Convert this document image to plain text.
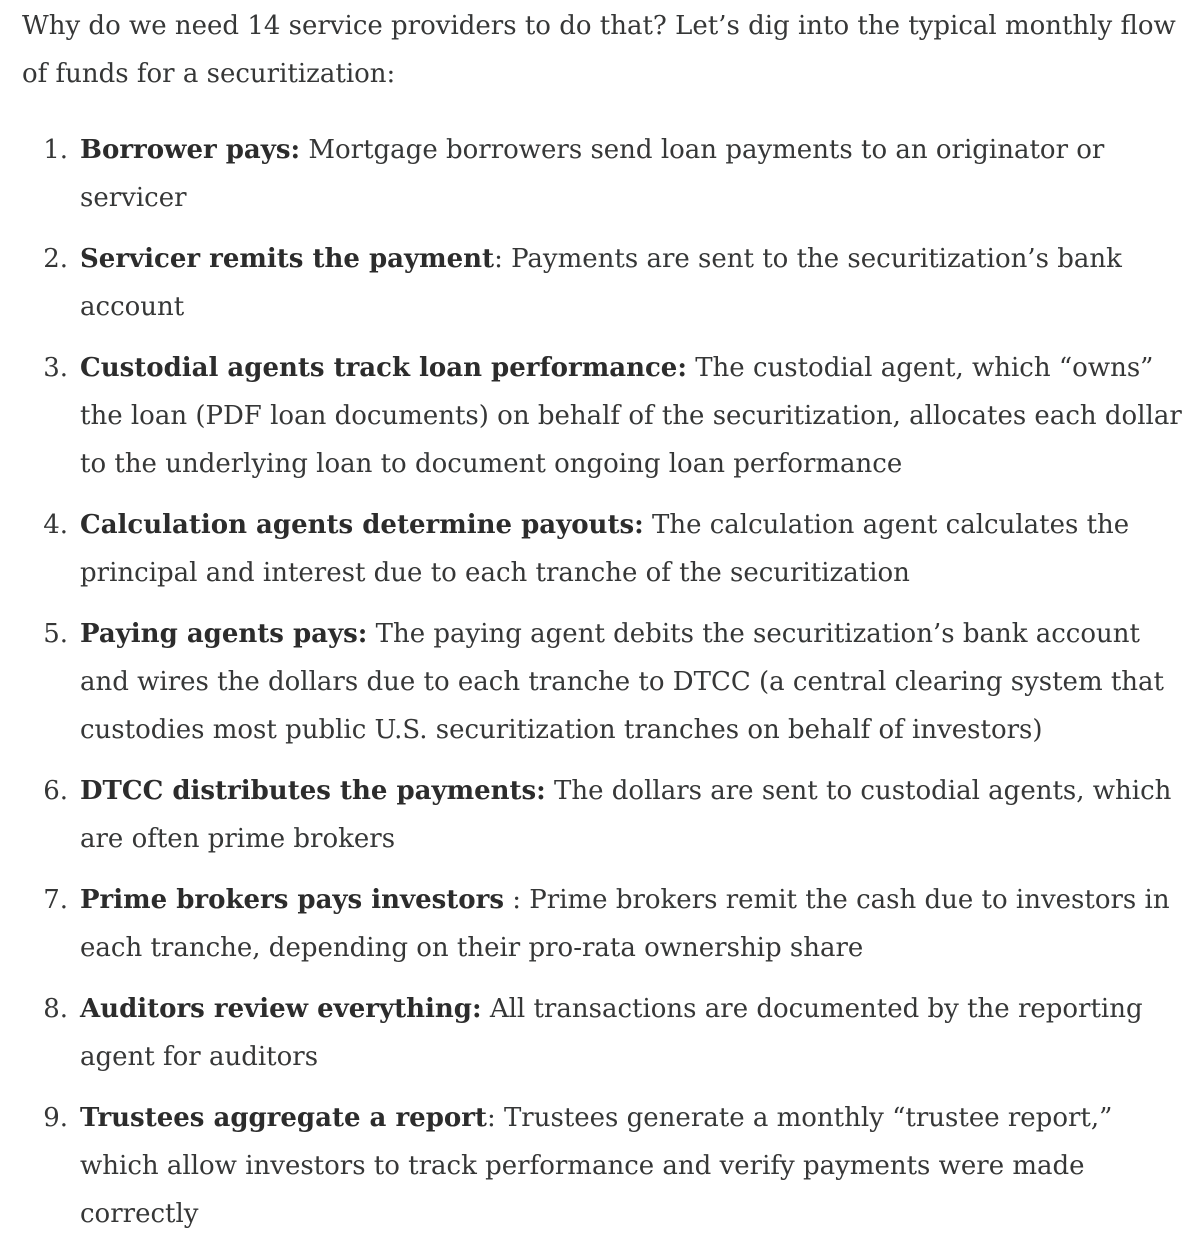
Why do we need 14 service providers to do that? Let’s dig into the typical monthly flow of funds for a securitization:

1. Borrower pays: Mortgage borrowers send loan payments to an originator or servicer
2. Servicer remits the payment: Payments are sent to the securitization’s bank account
3. Custodial agents track loan performance: The custodial agent, which “owns” the loan (PDF loan documents) on behalf of the securitization, allocates each dollar to the underlying loan to document ongoing loan performance
4. Calculation agents determine payouts: The calculation agent calculates the principal and interest due to each tranche of the securitization
5. Paying agents pays: The paying agent debits the securitization’s bank account and wires the dollars due to each tranche to DTCC (a central clearing system that custodies most public U.S. securitization tranches on behalf of investors)
6. DTCC distributes the payments: The dollars are sent to custodial agents, which are often prime brokers
7. Prime brokers pays investors : Prime brokers remit the cash due to investors in each tranche, depending on their pro-rata ownership share
8. Auditors review everything: All transactions are documented by the reporting agent for auditors
9. Trustees aggregate a report: Trustees generate a monthly “trustee report,” which allow investors to track performance and verify payments were made correctly
